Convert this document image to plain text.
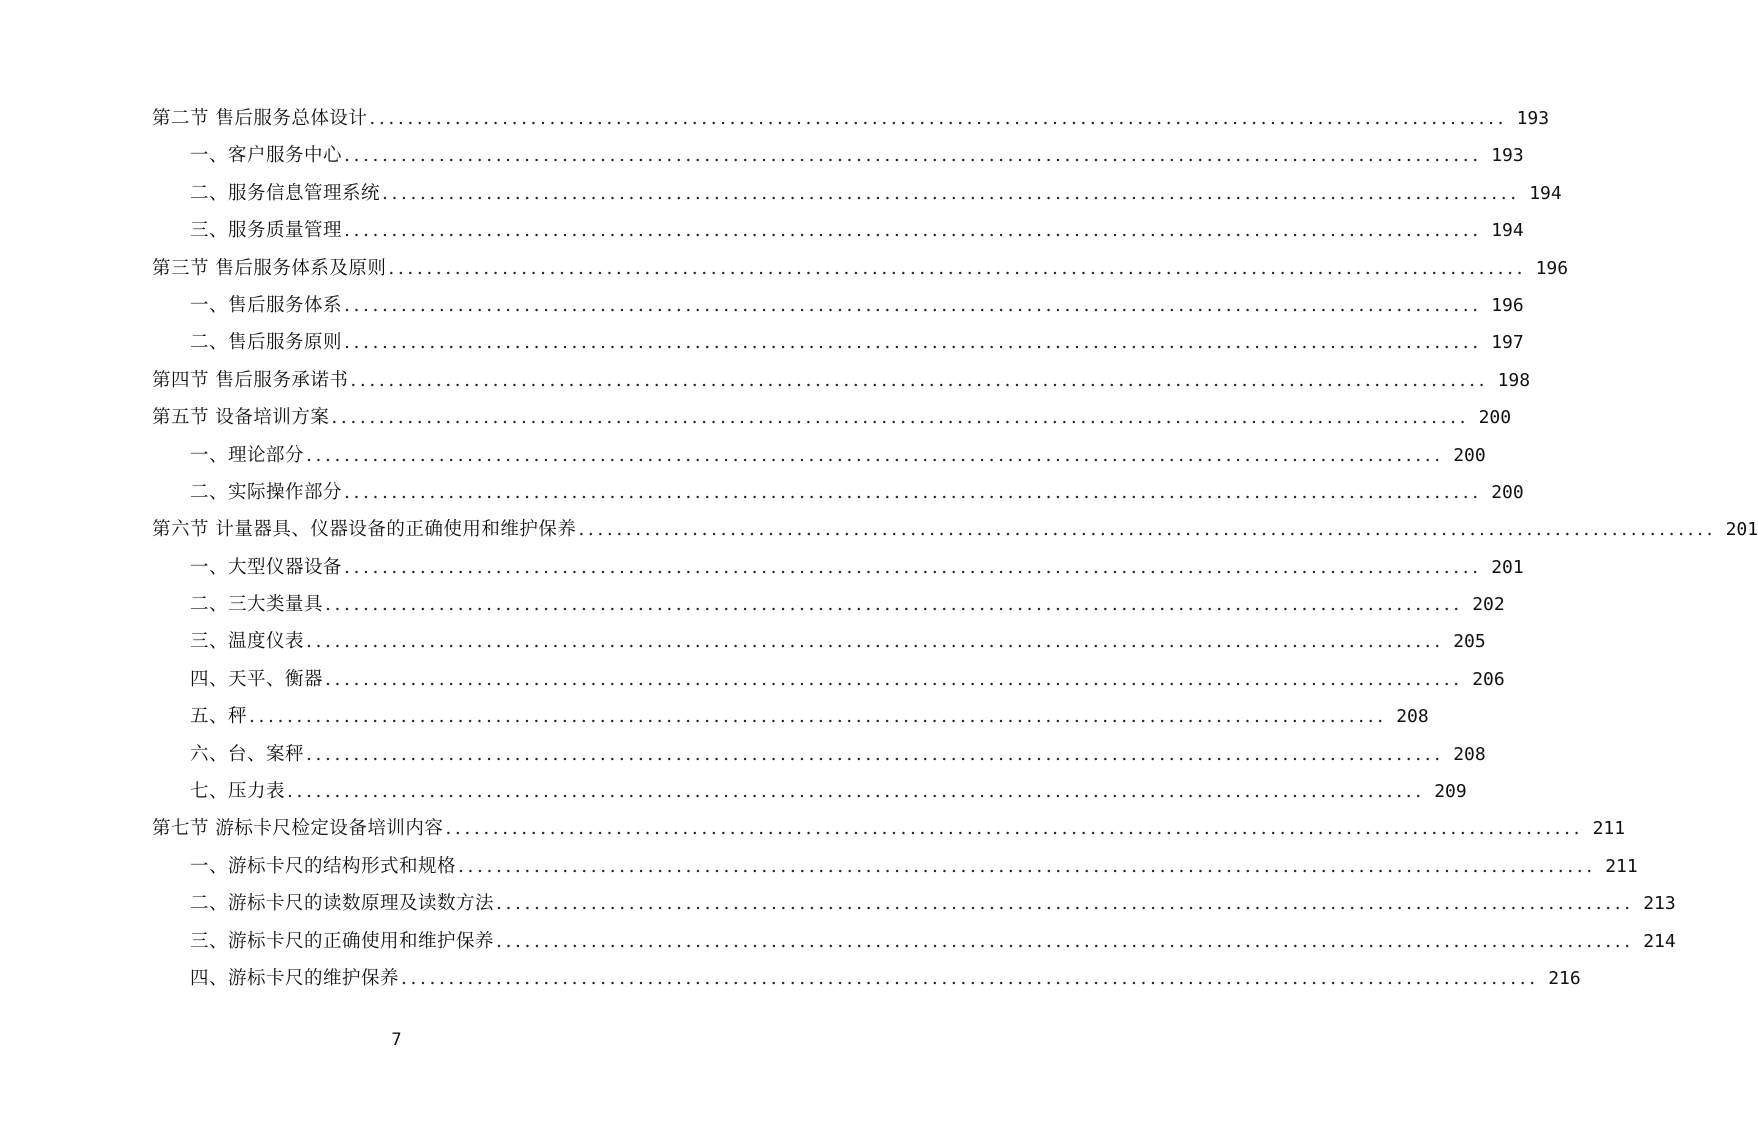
第二节 售后服务总体设计 ........................................................................................................................ 193
一、客户服务中心 ........................................................................................................................ 193
二、服务信息管理系统 ........................................................................................................................ 194
三、服务质量管理 ........................................................................................................................ 194
第三节 售后服务体系及原则 ........................................................................................................................ 196
一、售后服务体系 ........................................................................................................................ 196
二、售后服务原则 ........................................................................................................................ 197
第四节 售后服务承诺书 ........................................................................................................................ 198
第五节 设备培训方案 ........................................................................................................................ 200
一、理论部分 ........................................................................................................................ 200
二、实际操作部分 ........................................................................................................................ 200
第六节 计量器具、仪器设备的正确使用和维护保养 ........................................................................................................................ 201
一、大型仪器设备 ........................................................................................................................ 201
二、三大类量具 ........................................................................................................................ 202
三、温度仪表 ........................................................................................................................ 205
四、天平、衡器 ........................................................................................................................ 206
五、秤 ........................................................................................................................ 208
六、台、案秤 ........................................................................................................................ 208
七、压力表 ........................................................................................................................ 209
第七节 游标卡尺检定设备培训内容 ........................................................................................................................ 211
一、游标卡尺的结构形式和规格 ........................................................................................................................ 211
二、游标卡尺的读数原理及读数方法 ........................................................................................................................ 213
三、游标卡尺的正确使用和维护保养 ........................................................................................................................ 214
四、游标卡尺的维护保养 ........................................................................................................................ 216
7
